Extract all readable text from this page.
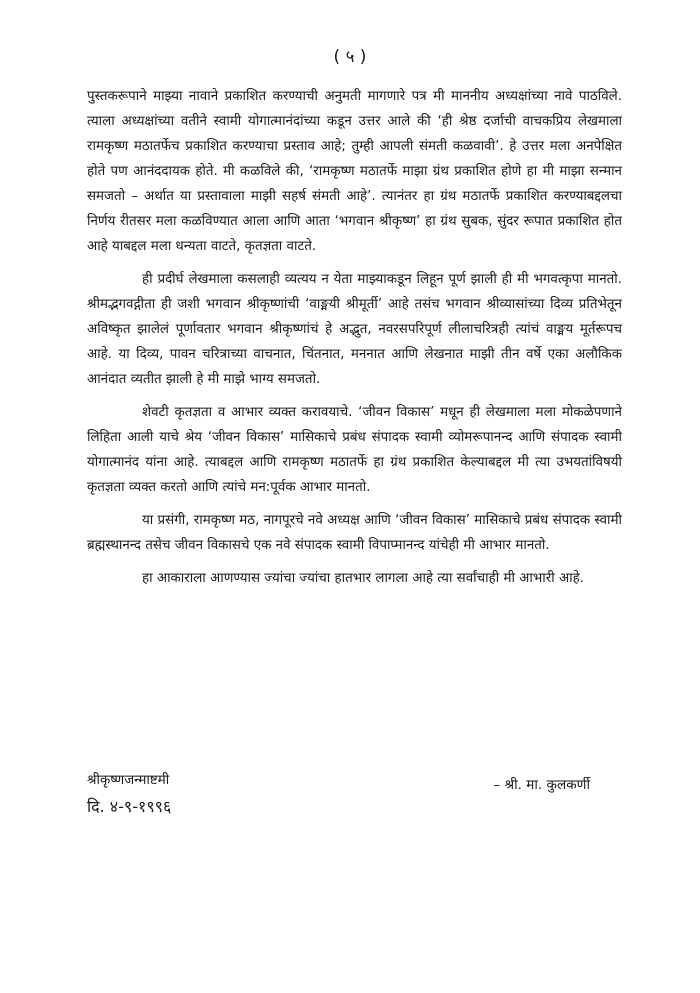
( ५ )

पुस्तकरूपाने माझ्या नावाने प्रकाशित करण्याची अनुमती मागणारे पत्र मी माननीय अध्यक्षांच्या नावे पाठविले. त्याला अध्यक्षांच्या वतीने स्वामी योगात्मानंदांच्या कडून उत्तर आले की ‘ही श्रेष्ठ दर्जाची वाचकप्रिय लेखमाला रामकृष्ण मठातर्फेच प्रकाशित करण्याचा प्रस्ताव आहे; तुम्ही आपली संमती कळवावी’. हे उत्तर मला अनपेक्षित होते पण आनंददायक होते. मी कळविले की, ‘रामकृष्ण मठातर्फे माझा ग्रंथ प्रकाशित होणे हा मी माझा सन्मान समजतो – अर्थात या प्रस्तावाला माझी सहर्ष संमती आहे’. त्यानंतर हा ग्रंथ मठातर्फे प्रकाशित करण्याबद्दलचा निर्णय रीतसर मला कळविण्यात आला आणि आता ‘भगवान श्रीकृष्ण’ हा ग्रंथ सुबक, सुंदर रूपात प्रकाशित होत आहे याबद्दल मला धन्यता वाटते, कृतज्ञता वाटते.

ही प्रदीर्घ लेखमाला कसलाही व्यत्यय न येता माझ्याकडून लिहून पूर्ण झाली ही मी भगवत्कृपा मानतो. श्रीमद्भगवद्गीता ही जशी भगवान श्रीकृष्णांची ‘वाङ्मयी श्रीमूर्ती’ आहे तसंच भगवान श्रीव्यासांच्या दिव्य प्रतिभेतून अविष्कृत झालेलं पूर्णावतार भगवान श्रीकृष्णांचं हे अद्भुत, नवरसपरिपूर्ण लीलाचरित्रही त्यांचं वाङ्मय मूर्तरूपच आहे. या दिव्य, पावन चरित्राच्या वाचनात, चिंतनात, मननात आणि लेखनात माझी तीन वर्षे एका अलौकिक आनंदात व्यतीत झाली हे मी माझे भाग्य समजतो.

शेवटी कृतज्ञता व आभार व्यक्त करावयाचे. ‘जीवन विकास’ मधून ही लेखमाला मला मोकळेपणाने लिहिता आली याचे श्रेय ‘जीवन विकास’ मासिकाचे प्रबंध संपादक स्वामी व्योमरूपानन्द आणि संपादक स्वामी योगात्मानंद यांना आहे. त्याबद्दल आणि रामकृष्ण मठातर्फे हा ग्रंथ प्रकाशित केल्याबद्दल मी त्या उभयतांविषयी कृतज्ञता व्यक्त करतो आणि त्यांचे मन:पूर्वक आभार मानतो.

या प्रसंगी, रामकृष्ण मठ, नागपूरचे नवे अध्यक्ष आणि ‘जीवन विकास’ मासिकाचे प्रबंध संपादक स्वामी ब्रह्मस्थानन्द तसेच जीवन विकासचे एक नवे संपादक स्वामी विपाप्मानन्द यांचेही मी आभार मानतो.

हा आकाराला आणण्यास ज्यांचा ज्यांचा हातभार लागला आहे त्या सर्वांचाही मी आभारी आहे.

श्रीकृष्णजन्माष्टमी
दि. ४-९-१९९६
– श्री. मा. कुलकर्णी
